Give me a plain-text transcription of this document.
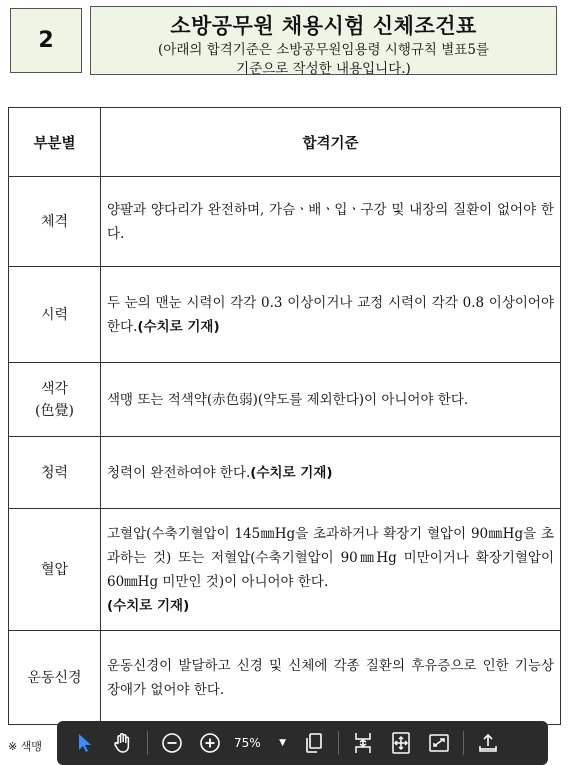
2
소방공무원 채용시험 신체조건표
(아래의 합격기준은 소방공무원임용령 시행규칙 별표5를
기준으로 작성한 내용입니다.)
부분별	합격기준
체격	양팔과 양다리가 완전하며, 가슴ㆍ배ㆍ입ㆍ구강 및 내장의 질환이 없어야 한다.
시력	두 눈의 맨눈 시력이 각각 0.3 이상이거나 교정 시력이 각각 0.8 이상이어야 한다.(수치로 기재)
색각
(色覺)	색맹 또는 적색약(赤色弱)(약도를 제외한다)이 아니어야 한다.
청력	청력이 완전하여야 한다.(수치로 기재)
혈압	고혈압(수축기혈압이 145㎜Hg을 초과하거나 확장기 혈압이 90㎜Hg을 초과하는 것) 또는 저혈압(수축기혈압이 90㎜Hg 미만이거나 확장기혈압이 60㎜Hg 미만인 것)이 아니어야 한다.
(수치로 기재)
운동신경	운동신경이 발달하고 신경 및 신체에 각종 질환의 후유증으로 인한 기능상 장애가 없어야 한다.
※ 색맹	75% ▼
